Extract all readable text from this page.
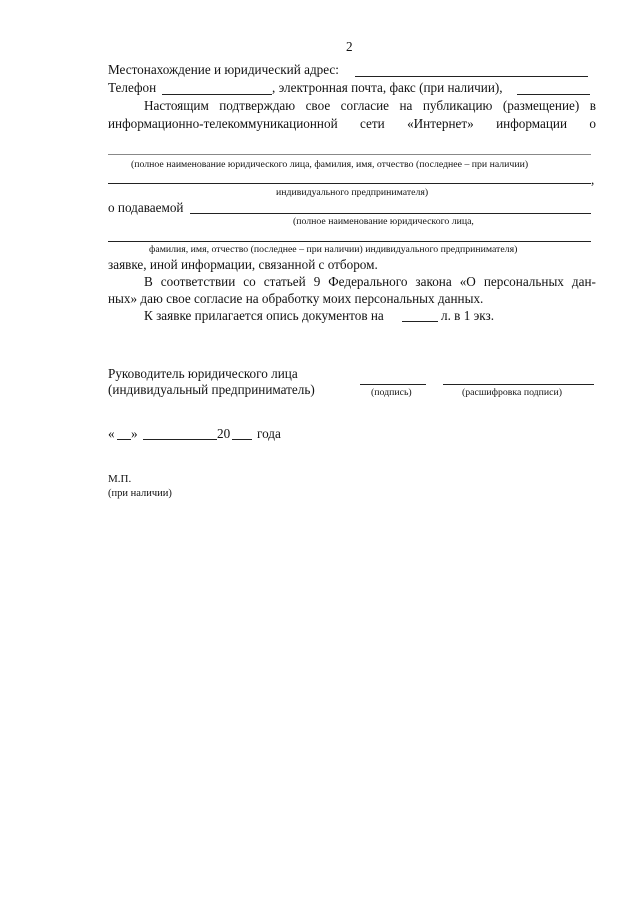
2
Местонахождение и юридический адрес:
Телефон	, электронная почта, факс (при наличии),
Настоящим подтверждаю свое согласие на публикацию (размещение) в
информационно-телекоммуникационной сети «Интернет» информации о
(полное наименование юридического лица, фамилия, имя, отчество (последнее – при наличии)
,
индивидуального предпринимателя)
о подаваемой
(полное наименование юридического лица,
фамилия, имя, отчество (последнее – при наличии) индивидуального предпринимателя)
заявке, иной информации, связанной с отбором.
В соответствии со статьей 9 Федерального закона «О персональных дан-
ных» даю свое согласие на обработку моих персональных данных.
К заявке прилагается опись документов на	л. в 1 экз.
Руководитель юридического лица
(индивидуальный предприниматель)	(подпись)	(расшифровка подписи)
« »	20 года
М.П.
(при наличии)
